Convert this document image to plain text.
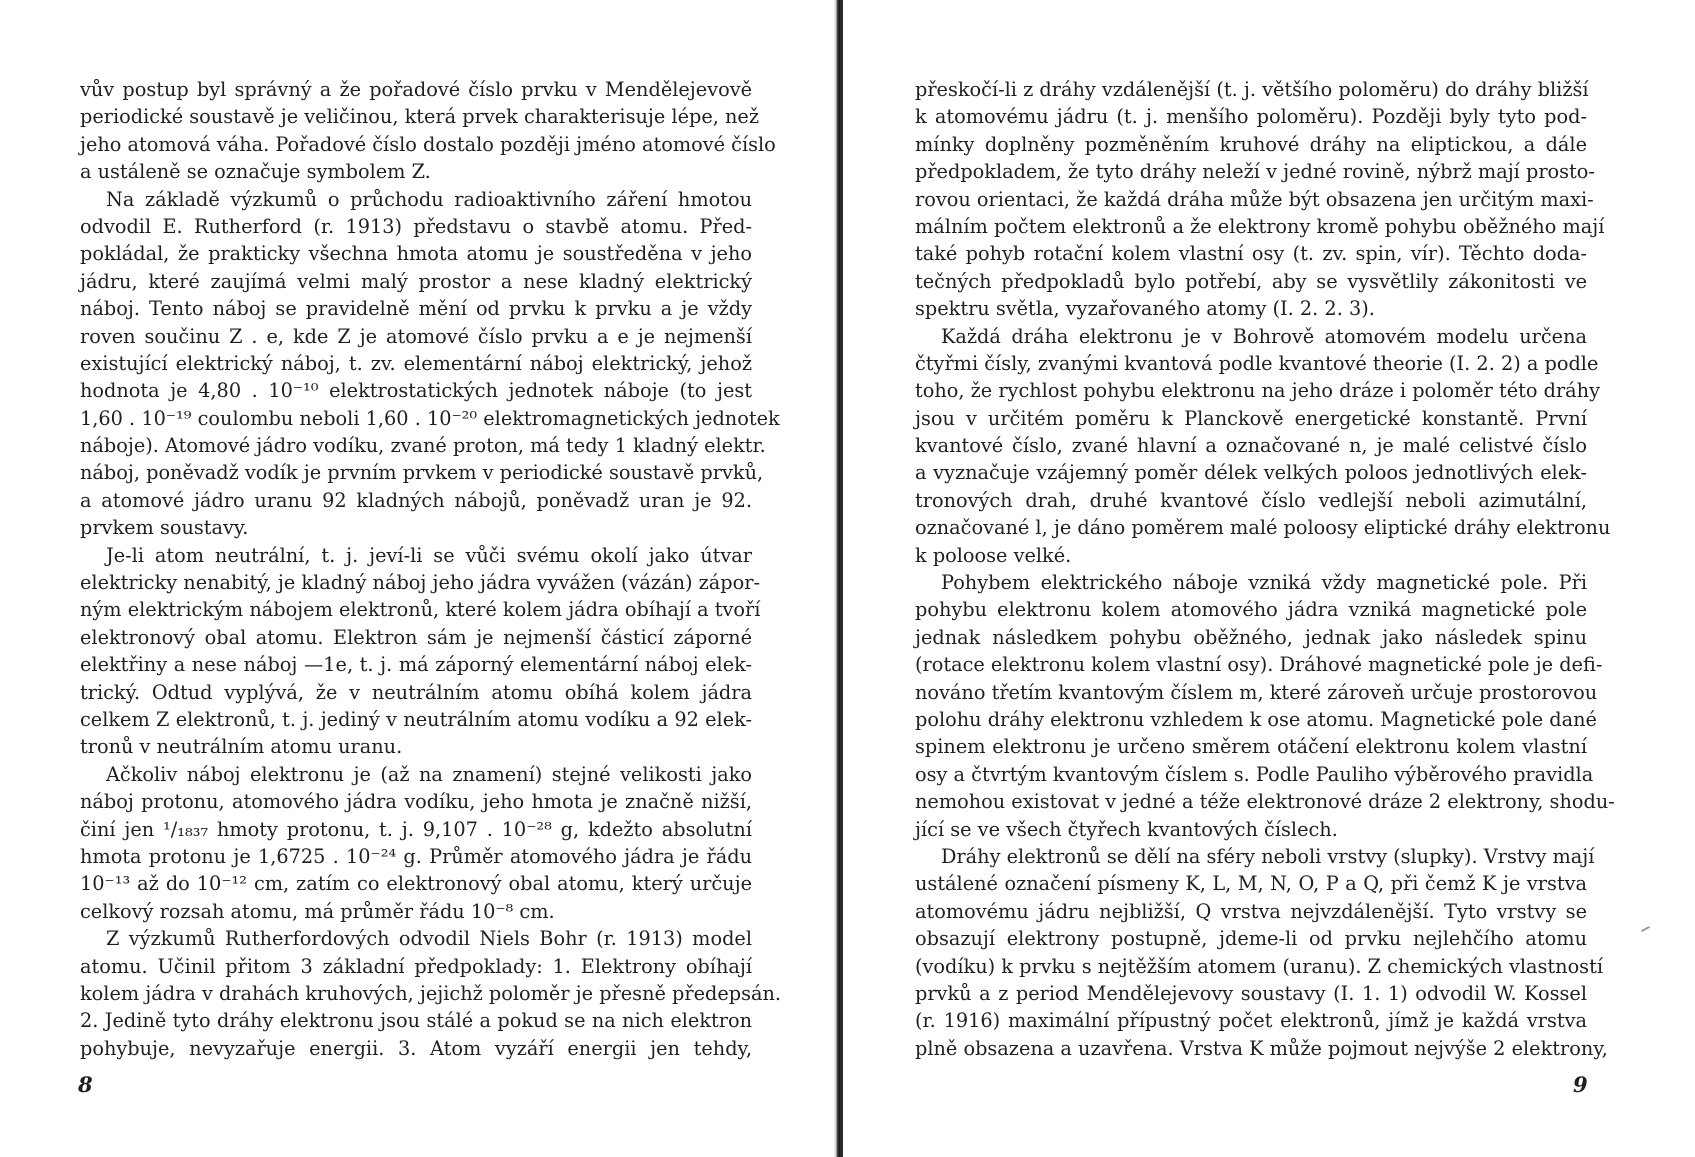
vův postup byl správný a že pořadové číslo prvku v Mendělejevově
periodické soustavě je veličinou, která prvek charakterisuje lépe, než
jeho atomová váha. Pořadové číslo dostalo později jméno atomové číslo
a ustáleně se označuje symbolem Z.
Na základě výzkumů o průchodu radioaktivního záření hmotou
odvodil E. Rutherford (r. 1913) představu o stavbě atomu. Před-
pokládal, že prakticky všechna hmota atomu je soustředěna v jeho
jádru, které zaujímá velmi malý prostor a nese kladný elektrický
náboj. Tento náboj se pravidelně mění od prvku k prvku a je vždy
roven součinu Z . e, kde Z je atomové číslo prvku a e je nejmenší
existující elektrický náboj, t. zv. elementární náboj elektrický, jehož
hodnota je 4,80 . 10⁻¹⁰ elektrostatických jednotek náboje (to jest
1,60 . 10⁻¹⁹ coulombu neboli 1,60 . 10⁻²⁰ elektromagnetických jednotek
náboje). Atomové jádro vodíku, zvané proton, má tedy 1 kladný elektr.
náboj, poněvadž vodík je prvním prvkem v periodické soustavě prvků,
a atomové jádro uranu 92 kladných nábojů, poněvadž uran je 92.
prvkem soustavy.
Je-li atom neutrální, t. j. jeví-li se vůči svému okolí jako útvar
elektricky nenabitý, je kladný náboj jeho jádra vyvážen (vázán) zápor-
ným elektrickým nábojem elektronů, které kolem jádra obíhají a tvoří
elektronový obal atomu. Elektron sám je nejmenší částicí záporné
elektřiny a nese náboj —1e, t. j. má záporný elementární náboj elek-
trický. Odtud vyplývá, že v neutrálním atomu obíhá kolem jádra
celkem Z elektronů, t. j. jediný v neutrálním atomu vodíku a 92 elek-
tronů v neutrálním atomu uranu.
Ačkoliv náboj elektronu je (až na znamení) stejné velikosti jako
náboj protonu, atomového jádra vodíku, jeho hmota je značně nižší,
činí jen ¹/₁₈₃₇ hmoty protonu, t. j. 9,107 . 10⁻²⁸ g, kdežto absolutní
hmota protonu je 1,6725 . 10⁻²⁴ g. Průměr atomového jádra je řádu
10⁻¹³ až do 10⁻¹² cm, zatím co elektronový obal atomu, který určuje
celkový rozsah atomu, má průměr řádu 10⁻⁸ cm.
Z výzkumů Rutherfordových odvodil Niels Bohr (r. 1913) model
atomu. Učinil přitom 3 základní předpoklady: 1. Elektrony obíhají
kolem jádra v drahách kruhových, jejichž poloměr je přesně předepsán.
2. Jedině tyto dráhy elektronu jsou stálé a pokud se na nich elektron
pohybuje, nevyzařuje energii. 3. Atom vyzáří energii jen tehdy,
8
přeskočí-li z dráhy vzdálenější (t. j. většího poloměru) do dráhy bližší
k atomovému jádru (t. j. menšího poloměru). Později byly tyto pod-
mínky doplněny pozměněním kruhové dráhy na eliptickou, a dále
předpokladem, že tyto dráhy neleží v jedné rovině, nýbrž mají prosto-
rovou orientaci, že každá dráha může být obsazena jen určitým maxi-
málním počtem elektronů a že elektrony kromě pohybu oběžného mají
také pohyb rotační kolem vlastní osy (t. zv. spin, vír). Těchto doda-
tečných předpokladů bylo potřebí, aby se vysvětlily zákonitosti ve
spektru světla, vyzařovaného atomy (I. 2. 2. 3).
Každá dráha elektronu je v Bohrově atomovém modelu určena
čtyřmi čísly, zvanými kvantová podle kvantové theorie (I. 2. 2) a podle
toho, že rychlost pohybu elektronu na jeho dráze i poloměr této dráhy
jsou v určitém poměru k Planckově energetické konstantě. První
kvantové číslo, zvané hlavní a označované n, je malé celistvé číslo
a vyznačuje vzájemný poměr délek velkých poloos jednotlivých elek-
tronových drah, druhé kvantové číslo vedlejší neboli azimutální,
označované l, je dáno poměrem malé poloosy eliptické dráhy elektronu
k poloose velké.
Pohybem elektrického náboje vzniká vždy magnetické pole. Při
pohybu elektronu kolem atomového jádra vzniká magnetické pole
jednak následkem pohybu oběžného, jednak jako následek spinu
(rotace elektronu kolem vlastní osy). Dráhové magnetické pole je defi-
nováno třetím kvantovým číslem m, které zároveň určuje prostorovou
polohu dráhy elektronu vzhledem k ose atomu. Magnetické pole dané
spinem elektronu je určeno směrem otáčení elektronu kolem vlastní
osy a čtvrtým kvantovým číslem s. Podle Pauliho výběrového pravidla
nemohou existovat v jedné a téže elektronové dráze 2 elektrony, shodu-
jící se ve všech čtyřech kvantových číslech.
Dráhy elektronů se dělí na sféry neboli vrstvy (slupky). Vrstvy mají
ustálené označení písmeny K, L, M, N, O, P a Q, při čemž K je vrstva
atomovému jádru nejbližší, Q vrstva nejvzdálenější. Tyto vrstvy se
obsazují elektrony postupně, jdeme-li od prvku nejlehčího atomu
(vodíku) k prvku s nejtěžším atomem (uranu). Z chemických vlastností
prvků a z period Mendělejevovy soustavy (I. 1. 1) odvodil W. Kossel
(r. 1916) maximální přípustný počet elektronů, jímž je každá vrstva
plně obsazena a uzavřena. Vrstva K může pojmout nejvýše 2 elektrony,
9
